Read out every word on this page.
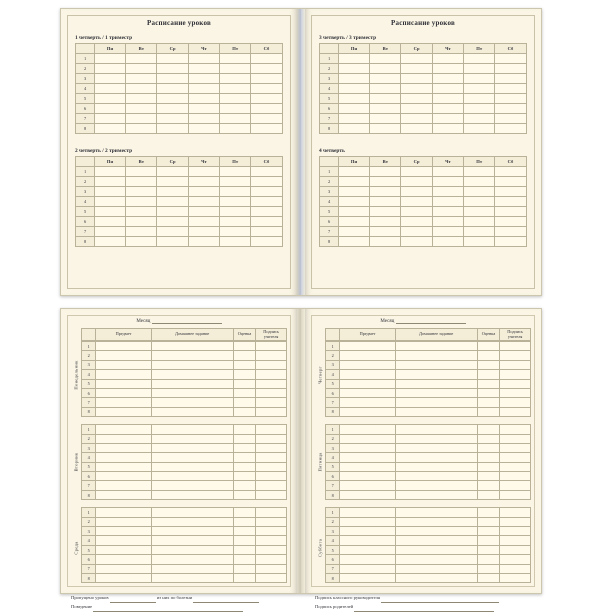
Расписание уроков
1 четверть / 1 триместр
	Пн	Вт	Ср	Чт	Пт	Сб
1						
2						
3						
4						
5						
6						
7						
8						
2 четверть / 2 триместр
	Пн	Вт	Ср	Чт	Пт	Сб
1						
2						
3						
4						
5						
6						
7						
8						
Расписание уроков
3 четверть / 3 триместр
	Пн	Вт	Ср	Чт	Пт	Сб
1						
2						
3						
4						
5						
6						
7						
8						
4 четверть
	Пн	Вт	Ср	Чт	Пт	Сб
1						
2						
3						
4						
5						
6						
7						
8						
Месяц
Понедельник
Вторник
Среда
	Предмет	Домашнее задание	Оценка	Подпись учителя
1				
2				
3				
4				
5				
6				
7				
8				
1				
2				
3				
4				
5				
6				
7				
8				
1				
2				
3				
4				
5				
6				
7				
8				
Пропущено уроков	из них по болезни
Поведение
Месяц
Четверг
Пятница
Суббота
	Предмет	Домашнее задание	Оценка	Подпись учителя
1				
2				
3				
4				
5				
6				
7				
8				
1				
2				
3				
4				
5				
6				
7				
8				
1				
2				
3				
4				
5				
6				
7				
8				
Подпись классного руководителя
Подпись родителей
